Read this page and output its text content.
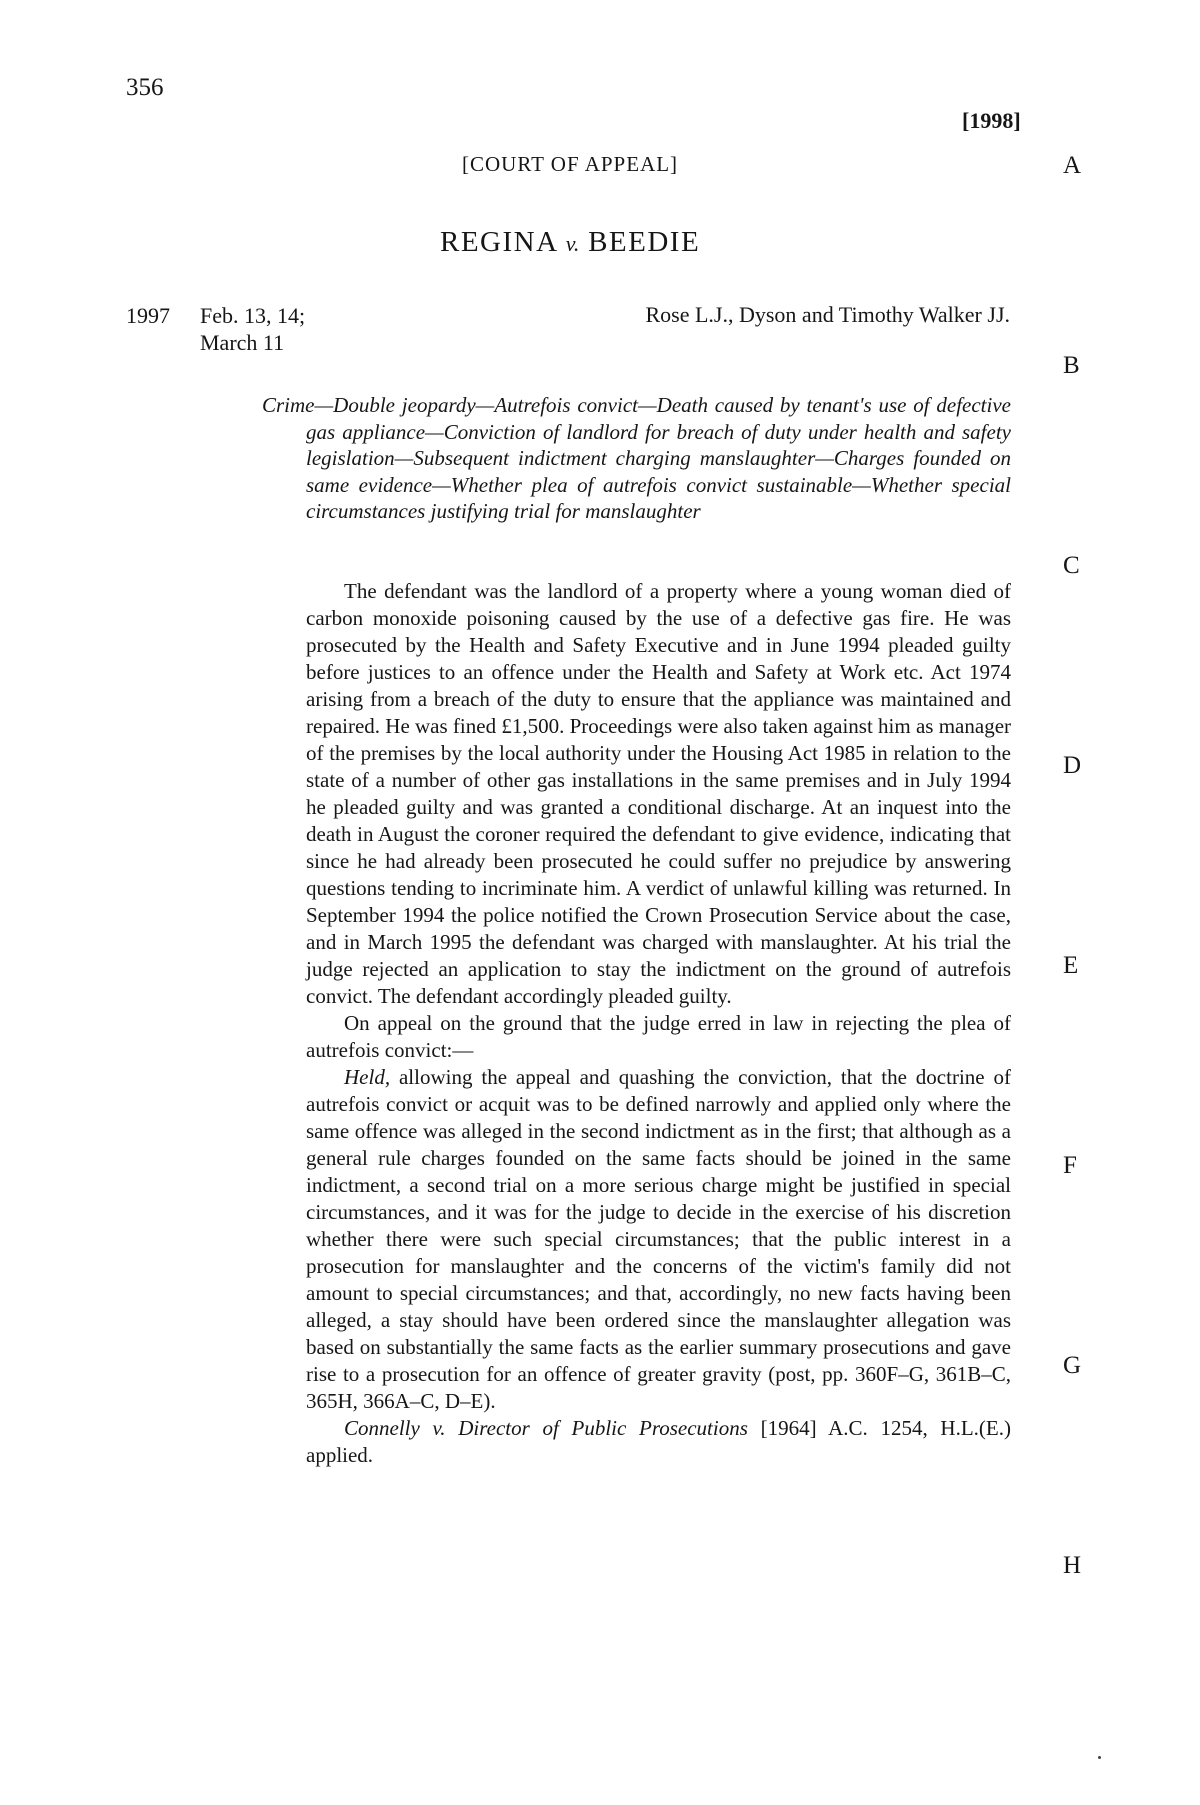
356
[1998]
[COURT OF APPEAL]
REGINA v. BEEDIE
1997 Feb. 13, 14;
March 11
Rose L.J., Dyson and Timothy Walker JJ.
A
B
C
D
E
F
G
H
Crime—Double jeopardy—Autrefois convict—Death caused by tenant's use of defective gas appliance—Conviction of landlord for breach of duty under health and safety legislation—Subsequent indictment charging manslaughter—Charges founded on same evidence—Whether plea of autrefois convict sustainable—Whether special circumstances justifying trial for manslaughter

The defendant was the landlord of a property where a young woman died of carbon monoxide poisoning caused by the use of a defective gas fire. He was prosecuted by the Health and Safety Executive and in June 1994 pleaded guilty before justices to an offence under the Health and Safety at Work etc. Act 1974 arising from a breach of the duty to ensure that the appliance was maintained and repaired. He was fined £1,500. Proceedings were also taken against him as manager of the premises by the local authority under the Housing Act 1985 in relation to the state of a number of other gas installations in the same premises and in July 1994 he pleaded guilty and was granted a conditional discharge. At an inquest into the death in August the coroner required the defendant to give evidence, indicating that since he had already been prosecuted he could suffer no prejudice by answering questions tending to incriminate him. A verdict of unlawful killing was returned. In September 1994 the police notified the Crown Prosecution Service about the case, and in March 1995 the defendant was charged with manslaughter. At his trial the judge rejected an application to stay the indictment on the ground of autrefois convict. The defendant accordingly pleaded guilty.

On appeal on the ground that the judge erred in law in rejecting the plea of autrefois convict:—

Held, allowing the appeal and quashing the conviction, that the doctrine of autrefois convict or acquit was to be defined narrowly and applied only where the same offence was alleged in the second indictment as in the first; that although as a general rule charges founded on the same facts should be joined in the same indictment, a second trial on a more serious charge might be justified in special circumstances, and it was for the judge to decide in the exercise of his discretion whether there were such special circumstances; that the public interest in a prosecution for manslaughter and the concerns of the victim's family did not amount to special circumstances; and that, accordingly, no new facts having been alleged, a stay should have been ordered since the manslaughter allegation was based on substantially the same facts as the earlier summary prosecutions and gave rise to a prosecution for an offence of greater gravity (post, pp. 360F–G, 361B–C, 365H, 366A–C, D–E).

Connelly v. Director of Public Prosecutions [1964] A.C. 1254, H.L.(E.) applied.
